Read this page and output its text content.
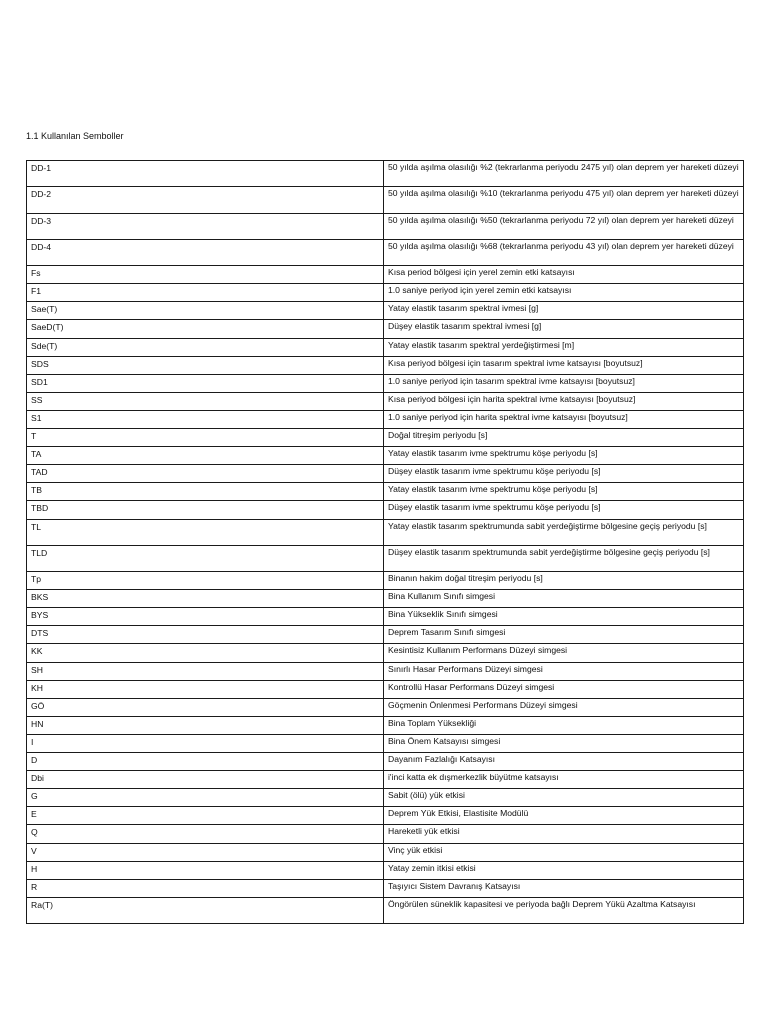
1.1 Kullanılan Semboller
DD-1	50 yılda aşılma olasılığı %2 (tekrarlanma periyodu 2475 yıl) olan deprem yer hareketi düzeyi
DD-2	50 yılda aşılma olasılığı %10 (tekrarlanma periyodu 475 yıl) olan deprem yer hareketi düzeyi
DD-3	50 yılda aşılma olasılığı %50 (tekrarlanma periyodu 72 yıl) olan deprem yer hareketi düzeyi
DD-4	50 yılda aşılma olasılığı %68 (tekrarlanma periyodu 43 yıl) olan deprem yer hareketi düzeyi
Fs	Kısa period bölgesi için yerel zemin etki katsayısı
F1	1.0 saniye periyod için yerel zemin etki katsayısı
Sae(T)	Yatay elastik tasarım spektral ivmesi [g]
SaeD(T)	Düşey elastik tasarım spektral ivmesi [g]
Sde(T)	Yatay elastik tasarım spektral yerdeğiştirmesi [m]
SDS	Kısa periyod bölgesi için tasarım spektral ivme katsayısı [boyutsuz]
SD1	1.0 saniye periyod için tasarım spektral ivme katsayısı [boyutsuz]
SS	Kısa periyod bölgesi için harita spektral ivme katsayısı [boyutsuz]
S1	1.0 saniye periyod için harita spektral ivme katsayısı [boyutsuz]
T	Doğal titreşim periyodu [s]
TA	Yatay elastik tasarım ivme spektrumu köşe periyodu [s]
TAD	Düşey elastik tasarım ivme spektrumu köşe periyodu [s]
TB	Yatay elastik tasarım ivme spektrumu köşe periyodu [s]
TBD	Düşey elastik tasarım ivme spektrumu köşe periyodu [s]
TL	Yatay elastik tasarım spektrumunda sabit yerdeğiştirme bölgesine geçiş periyodu [s]
TLD	Düşey elastik tasarım spektrumunda sabit yerdeğiştirme bölgesine geçiş periyodu [s]
Tp	Binanın hakim doğal titreşim periyodu [s]
BKS	Bina Kullanım Sınıfı simgesi
BYS	Bina Yükseklik Sınıfı simgesi
DTS	Deprem Tasarım Sınıfı simgesi
KK	Kesintisiz Kullanım Performans Düzeyi simgesi
SH	Sınırlı Hasar Performans Düzeyi simgesi
KH	Kontrollü Hasar Performans Düzeyi simgesi
GÖ	Göçmenin Önlenmesi Performans Düzeyi simgesi
HN	Bina Toplam Yüksekliği
I	Bina Önem Katsayısı simgesi
D	Dayanım Fazlalığı Katsayısı
Dbi	i'inci katta ek dışmerkezlik büyütme katsayısı
G	Sabit (ölü) yük etkisi
E	Deprem Yük Etkisi, Elastisite Modülü
Q	Hareketli yük etkisi
V	Vinç yük etkisi
H	Yatay zemin itkisi etkisi
R	Taşıyıcı Sistem Davranış Katsayısı
Ra(T)	Öngörülen süneklik kapasitesi ve periyoda bağlı Deprem Yükü Azaltma Katsayısı
